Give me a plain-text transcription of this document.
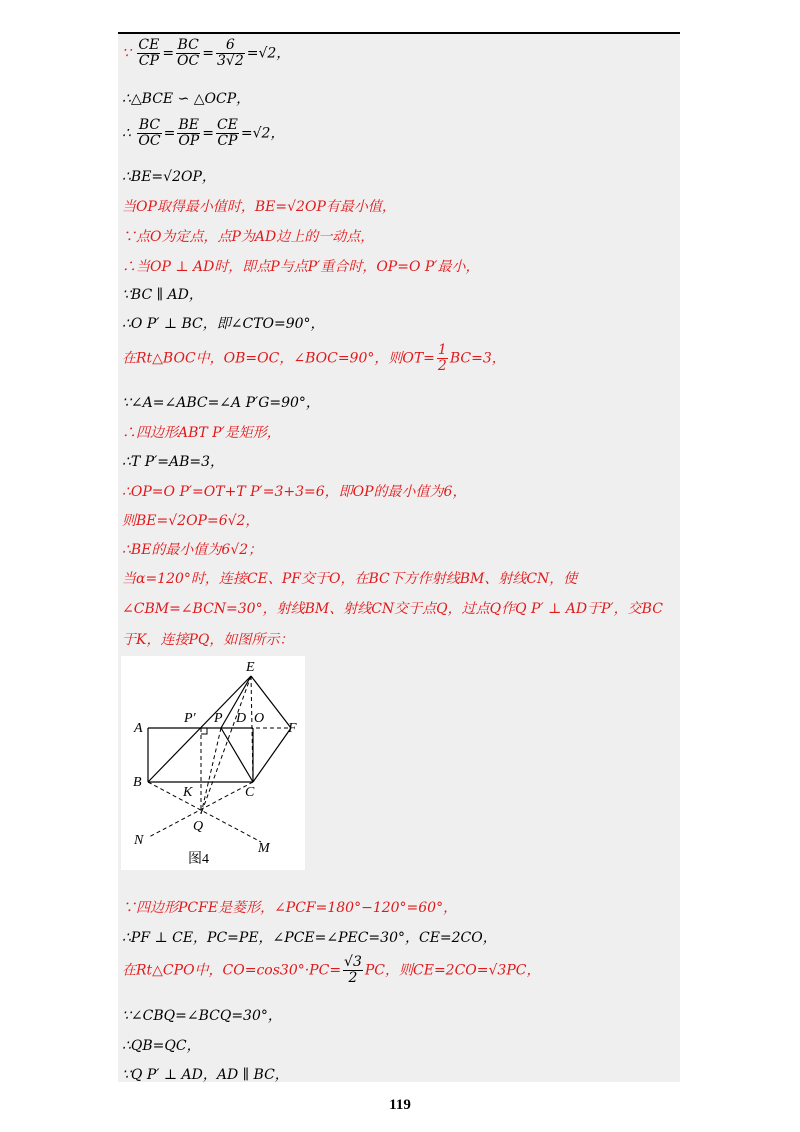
∵ $\frac{CE}{CP} = \frac{BC}{OC} = \frac{6}{3√2} =√2$，
∴△BCE ∽ △OCP，
∴ $\frac{BC}{OC} = \frac{BE}{OP} = \frac{CE}{CP} =√2$，
∴BE=√2OP，
当OP取得最小值时，BE=√2OP有最小值，
∵点O为定点，点P为AD边上的一动点，
∴当OP ⊥ AD时，即点P与点P′重合时，OP=O P′最小，
∵BC ∥ AD，
∴O P′ ⊥ BC，即∠CTO=90°，
在Rt△BOC中，OB=OC，∠BOC=90°，则$OT= \frac{1}{2} BC=3$，
∵∠A=∠ABC=∠A P′G=90°，
∴四边形ABT P′是矩形，
∴T P′=AB=3，
∴OP=O P′=OT+T P′=3+3=6，即OP的最小值为6，
则BE=√2OP=6√2，
∴BE的最小值为6√2；
当α=120°时，连接CE、PF交于O，在BC下方作射线BM、射线CN，使
∠CBM=∠BCN=30°，射线BM、射线CN交于点Q，过点Q作Q P′ ⊥ AD于P′，交BC
于K，连接PQ，如图所示：
E
A
P′ P D O
F
B
K	C
Q
N
M
图4
∵四边形PCFE是菱形，∠PCF=180°−120°=60°，
∴PF ⊥ CE，PC=PE，∠PCE=∠PEC=30°，CE=2CO，
在Rt△CPO中，$CO=\cos 30^\circ\cdot PC= \frac{√3}{2}$ PC，则CE=2CO=√3PC，
∵∠CBQ=∠BCQ=30°，
∴QB=QC，
∵Q P′ ⊥ AD，AD ∥ BC，
119
